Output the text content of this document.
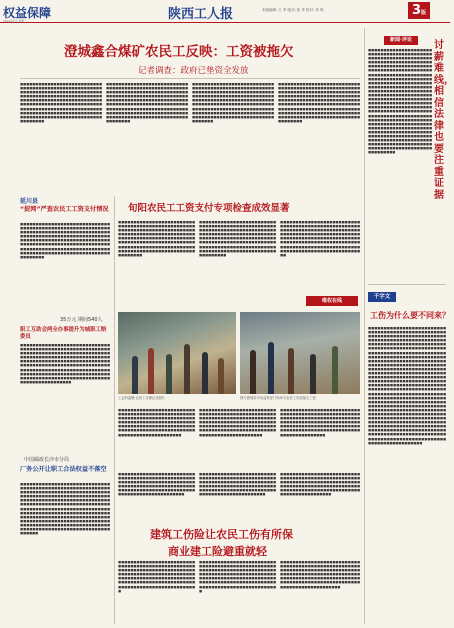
权益保障	陕西工人报	本版编辑: 王 李 版式: 张 华 校对: 刘 明	3 版
2014年1月 星期二
澄城鑫合煤矿农民工反映：工资被拖欠
记者调查：政府已垫资全发放
■■■■■■■■■■■■■■■■■■■■■■■■■■■■■■■■■■■■■■■■■■■■■■■■■■■■■■■■■■■■■■■■■■■■■■■■■■■■■■■■■■■■■■■■■■■■■■■■■■■■■■■■■■■■■■■■■■■■■■■■■■■■■■■■■■■■■■■■■■■■■■■■■■■■■■■■■■■■■■■■■■■■■■■■■■■■■■■■■■■■■■■■■■■■■■■■■■■■■■■■■■■■■■■■■■■■■■■■■■■■■■■■■■■■■■■■■■■■■■■■■■■■■■■■■■■
■■■■■■■■■■■■■■■■■■■■■■■■■■■■■■■■■■■■■■■■■■■■■■■■■■■■■■■■■■■■■■■■■■■■■■■■■■■■■■■■■■■■■■■■■■■■■■■■■■■■■■■■■■■■■■■■■■■■■■■■■■■■■■■■■■■■■■■■■■■■■■■■■■■■■■■■■■■■■■■■■■■■■■■■■■■■■■■■■■■■■■■■■■■■■■■■■■■■■■■■■■■■■■■■■■■■■■■■■■■■■■■■■■■■■■■■■■■■■■■■■■■■■■■■■■■
■■■■■■■■■■■■■■■■■■■■■■■■■■■■■■■■■■■■■■■■■■■■■■■■■■■■■■■■■■■■■■■■■■■■■■■■■■■■■■■■■■■■■■■■■■■■■■■■■■■■■■■■■■■■■■■■■■■■■■■■■■■■■■■■■■■■■■■■■■■■■■■■■■■■■■■■■■■■■■■■■■■■■■■■■■■■■■■■■■■■■■■■■■■■■■■■■■■■■■■■■■■■■■■■■■■■■■■■■■■■■■■■■■■■■■■■■■■■■■■■■■■■■■■■■■
■■■■■■■■■■■■■■■■■■■■■■■■■■■■■■■■■■■■■■■■■■■■■■■■■■■■■■■■■■■■■■■■■■■■■■■■■■■■■■■■■■■■■■■■■■■■■■■■■■■■■■■■■■■■■■■■■■■■■■■■■■■■■■■■■■■■■■■■■■■■■■■■■■■■■■■■■■■■■■■■■■■■■■■■■■■■■■■■■■■■■■■■■■■■■■■■■■■■■■■■■■■■■■■■■■■■■■■■■■■■■■■■■■■■■■■■■■■■■■■■■■■■■■■■■■■
延川县
“捉网”严查农民工工资支付情况
■■■■■■■■■■■■■■■■■■■■■■■■■■■■■■■■■■■■■■■■■■■■■■■■■■■■■■■■■■■■■■■■■■■■■■■■■■■■■■■■■■■■■■■■■■■■■■■■■■■■■■■■■■■■■■■■■■■■■■■■■■■■■■■■■■■■■■■■■■■■■■■■■■■■■■■■■■■■■■■■■■■■■■■■■■■■■■■■■■■■■■■■■■■■■■■■■■■■■■■■■■■■■■■■■■■■■■■■■■■■■■■■■■■■■■■■■■■■■■■■
35万元 期间540人
职工互助会两全办事提升为城职工赔委员
■■■■■■■■■■■■■■■■■■■■■■■■■■■■■■■■■■■■■■■■■■■■■■■■■■■■■■■■■■■■■■■■■■■■■■■■■■■■■■■■■■■■■■■■■■■■■■■■■■■■■■■■■■■■■■■■■■■■■■■■■■■■■■■■■■■■■■■■■■■■■■■■■■■■■■■■■■■■■■■■■■■■■■■■■■■■■■■■■■■■■■■■■■■■■■■■■■■■■■■■■■■■■■■■■■■■■■■■■■■■■■■■■■■■■■■■■■■■■■■■■■■■■■■■■■■■■■■■■■■■■■■■■■■■■■■■■■■■■■
中国邮政长沙市分局
厂务公开让职工合法权益不落空
■■■■■■■■■■■■■■■■■■■■■■■■■■■■■■■■■■■■■■■■■■■■■■■■■■■■■■■■■■■■■■■■■■■■■■■■■■■■■■■■■■■■■■■■■■■■■■■■■■■■■■■■■■■■■■■■■■■■■■■■■■■■■■■■■■■■■■■■■■■■■■■■■■■■■■■■■■■■■■■■■■■■■■■■■■■■■■■■■■■■■■■■■■■■■■■■■■■■■■■■■■■■■■■■■■■■■■■■■■■■■■■■■■■■■■■■■■■■■■■■■■■■■■■■■■■■■■■■■■■■■■■■■■■■■■■■■■■■■■■■■■■■■■■■■■■■■■■■■■■■■■■■■■■■■■■■■■■■■■■■■■■■■■■■■■■■■■■■■■■■■■■■■■■■■■■■■■
旬阳农民工工资支付专项检查成效显著
■■■■■■■■■■■■■■■■■■■■■■■■■■■■■■■■■■■■■■■■■■■■■■■■■■■■■■■■■■■■■■■■■■■■■■■■■■■■■■■■■■■■■■■■■■■■■■■■■■■■■■■■■■■■■■■■■■■■■■■■■■■■■■■■■■■■■■■■■■■■■■■■■■■■■■■■■■■■■■■■■■■■■■■■■■■■■■■■■■■■■■■■■■■■■■■■■■■■■■■■■■■■■■■■
■■■■■■■■■■■■■■■■■■■■■■■■■■■■■■■■■■■■■■■■■■■■■■■■■■■■■■■■■■■■■■■■■■■■■■■■■■■■■■■■■■■■■■■■■■■■■■■■■■■■■■■■■■■■■■■■■■■■■■■■■■■■■■■■■■■■■■■■■■■■■■■■■■■■■■■■■■■■■■■■■■■■■■■■■■■■■■■■■■■■■■■■■■■■■■■■■■■■■■■■■■■■■■■■■
■■■■■■■■■■■■■■■■■■■■■■■■■■■■■■■■■■■■■■■■■■■■■■■■■■■■■■■■■■■■■■■■■■■■■■■■■■■■■■■■■■■■■■■■■■■■■■■■■■■■■■■■■■■■■■■■■■■■■■■■■■■■■■■■■■■■■■■■■■■■■■■■■■■■■■■■■■■■■■■■■■■■■■■■■■■■■■■■■■■■■■■■■■■■■■■■■■■■■■■■■■■■■■■■■■
维权在线
工会的温暖·农民工讨薪记录照片	图为澄城县劳动监察部门现场为农民工发放拖欠工资
■■■■■■■■■■■■■■■■■■■■■■■■■■■■■■■■■■■■■■■■■■■■■■■■■■■■■■■■■■■■■■■■■■■■■■■■■■■■■■■■■■■■■■■■■■■■■■■■■■■■■■■■■■■■■■■■■■■■■■■■■■■■■■■■■■■■■■■■■■■■■■■■■■■■■■■■■■■■■■■■■■■■■■■■■■■
■■■■■■■■■■■■■■■■■■■■■■■■■■■■■■■■■■■■■■■■■■■■■■■■■■■■■■■■■■■■■■■■■■■■■■■■■■■■■■■■■■■■■■■■■■■■■■■■■■■■■■■■■■■■■■■■■■■■■■■■■■■■■■■■■■■■■■■■■■■■■■■■■■■■■■■■■■■■■■■■■■■■■■■■■■■
■■■■■■■■■■■■■■■■■■■■■■■■■■■■■■■■■■■■■■■■■■■■■■■■■■■■■■■■■■■■■■■■■■■■■■■■■■■■■■■■■■■■■■■■■■■■■■■■■■■■■■■■■■■■■■■■■■■■■■■■■■■■■■■■■■■■■■■■■■■■■■■■■■■■■■■■■■■■■■■■■■■■■■■■■■■
建筑工伤险让农民工伤有所保
商业建工险避重就轻
■■■■■■■■■■■■■■■■■■■■■■■■■■■■■■■■■■■■■■■■■■■■■■■■■■■■■■■■■■■■■■■■■■■■■■■■■■■■■■■■■■■■■■■■■■■■■■■■■■■■■■■■■■■■■■■■■■■■■■■■■■■■■■■■■■■■■■■■■■■■■■■■■■■
■■■■■■■■■■■■■■■■■■■■■■■■■■■■■■■■■■■■■■■■■■■■■■■■■■■■■■■■■■■■■■■■■■■■■■■■■■■■■■■■■■■■■■■■■■■■■■■■■■■■■■■■■■■■■■■■■■■■■■■■■■■■■■■■■■■■■■■■■■■■■■■■■■■
■■■■■■■■■■■■■■■■■■■■■■■■■■■■■■■■■■■■■■■■■■■■■■■■■■■■■■■■■■■■■■■■■■■■■■■■■■■■■■■■■■■■■■■■■■■■■■■■■■■■■■■■■■■■■■■■■■■■■■■■■■■■■■■■■■■■■■■■■■■■■■■■■■■
■■■■■■■■■■■■■■■■■■■■■■■■■■■■■■■■■■■■■■■■■■■■■■■■■■■■■■■■■■■■■■■■■■■■■■■■■■■■■■■■■■■■■■■■■■■■■■■■■■■■■■■■■■■■■■■■■■■■■■■■■■■■■■■■■■■■■■■■■■■■■■■■■■■■■■■■■■■■■■■■■■■■■■■■■■■■■■■■
■■■■■■■■■■■■■■■■■■■■■■■■■■■■■■■■■■■■■■■■■■■■■■■■■■■■■■■■■■■■■■■■■■■■■■■■■■■■■■■■■■■■■■■■■■■■■■■■■■■■■■■■■■■■■■■■■■■■■■■■■■■■■■■■■■■■■■■■■■■■■■■■■■■■■■■■■■■■■■■■■■■■■■■■■■■■■■■■
■■■■■■■■■■■■■■■■■■■■■■■■■■■■■■■■■■■■■■■■■■■■■■■■■■■■■■■■■■■■■■■■■■■■■■■■■■■■■■■■■■■■■■■■■■■■■■■■■■■■■■■■■■■■■■■■■■■■■■■■■■■■■■■■■■■■■■■■■■■■■■■■■■■■■■■■■■■■■■■■■■■■■■■■■■■■■■■■
新闻·评论
■■■■■■■■■■■■■■■■■■■■■■■■■■■■■■■■■■■■■■■■■■■■■■■■■■■■■■■■■■■■■■■■■■■■■■■■■■■■■■■■■■■■■■■■■■■■■■■■■■■■■■■■■■■■■■■■■■■■■■■■■■■■■■■■■■■■■■■■■■■■■■■■■■■■■■■■■■■■■■■■■■■■■■■■■■■■■■■■■■■■■■■■■■■■■■■■■■■■■■■■■■■■■■■■■■■■■■■■■■■■■■■■■■■■■■■■■■■■■■■■■■■■■■■■■■■■■■■■■■■■■■■■■■■■■■■■■■■■■■■■■■■■■■■■■■■■■■■■■■■■■■■■■■■■■■■■■■■■■■■■■■■■■■■■■■■■■■■■■■■■■■■■■■■■■■■■■■■■■■■■■■■■■■■■■■■■■■■■■■■■■■■■■■■■■■■■■■■■■■■■■■■■■■■■■■■■■■■■■■■■■■■■■■■■■■■■■■■■■■■■■■■■■■■■■■■■■■■■■■■■■■■■■■■■■■■■■■■■■■■■■■■■■■■■■■■■■■■■■■■■■■■■■■■■■■■■■■■■■■■■■■■■■■■■■■■■■■
讨薪难线，相信法律也要注重证据
千字文
工伤为什么要不同来？
■■■■■■■■■■■■■■■■■■■■■■■■■■■■■■■■■■■■■■■■■■■■■■■■■■■■■■■■■■■■■■■■■■■■■■■■■■■■■■■■■■■■■■■■■■■■■■■■■■■■■■■■■■■■■■■■■■■■■■■■■■■■■■■■■■■■■■■■■■■■■■■■■■■■■■■■■■■■■■■■■■■■■■■■■■■■■■■■■■■■■■■■■■■■■■■■■■■■■■■■■■■■■■■■■■■■■■■■■■■■■■■■■■■■■■■■■■■■■■■■■■■■■■■■■■■■■■■■■■■■■■■■■■■■■■■■■■■■■■■■■■■■■■■■■■■■■■■■■■■■■■■■■■■■■■■■■■■■■■■■■■■■■■■■■■■■■■■■■■■■■■■■■■■■■■■■■■■■■■■■■■■■■■■■■■■■■■■■■■■■■■■■■■■■■■■■■■■■■■■■■■■■■■■■■■■■■■■■■■■■■■■■■■■■■■■■■■■■■■■■■■■■■■■■■■■■■■■■■■■■■■■■■■■■■■■■■■■■■■■■■■■■■■■■■■■■■■■■■■■■■■■■■■■■■■■■■■■■■■■■■■■■■■■■■■■■■■■■■■■■■■■■■■■■■■■■■■■■■■■■■■■■■■■■■■■■■■■■■■■■■■■■■■■■■■■■■■■■■■■■■■■■■■■■■■■■■■■■■■■■■■■■■■■■■■■■■■■■■■■■■■■■■■■■■■■■■■■■■■■■■■■■■■■■■■■■■■■■■■■■■■■■■■■■■■■■■■■■■■■■■■■■■■■■■■■■■■■■■■
